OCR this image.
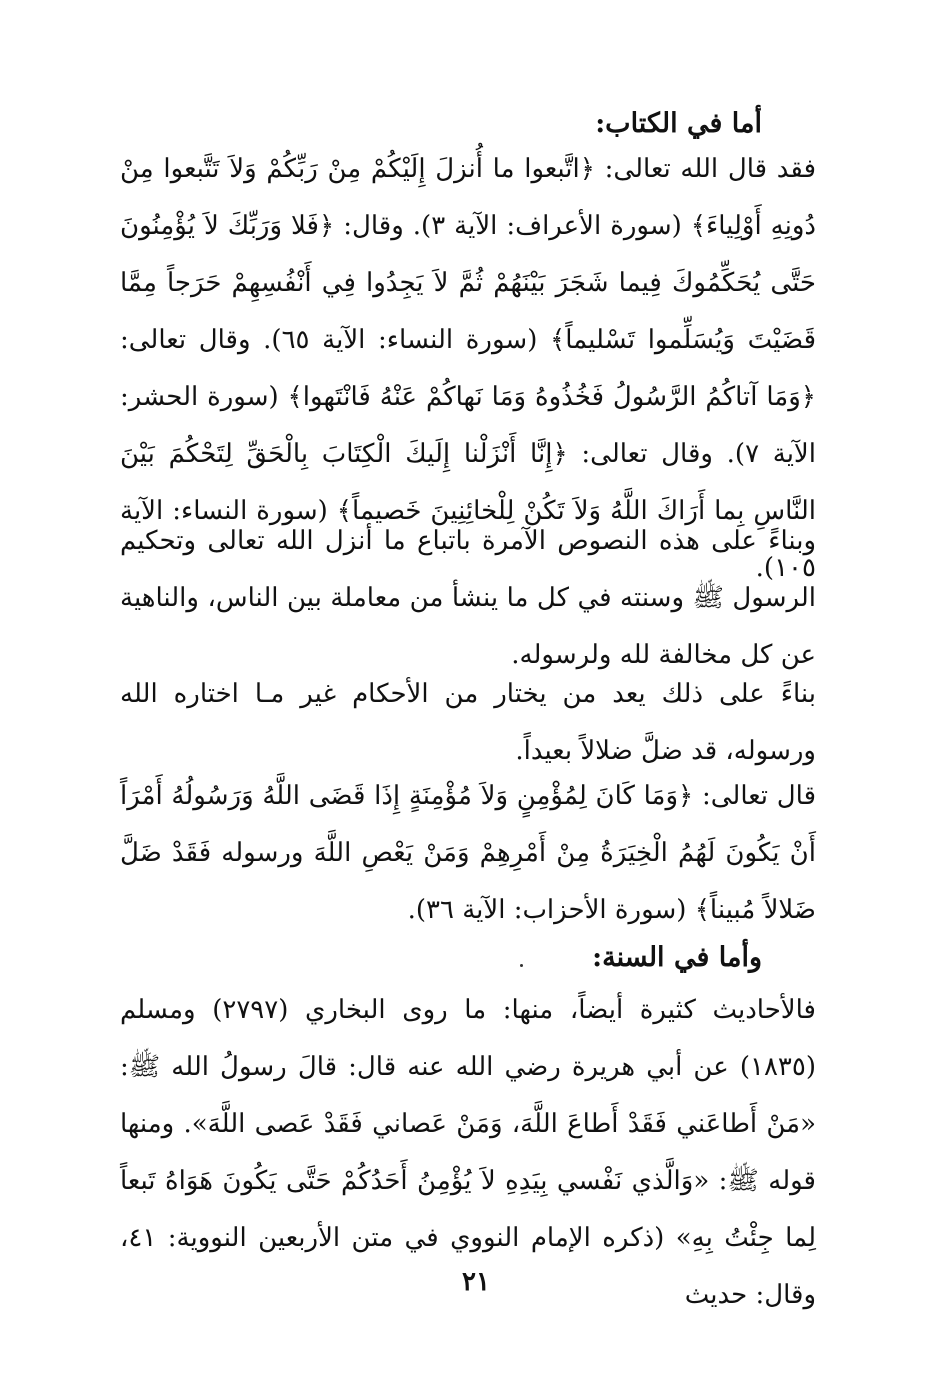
أما في الكتاب:

فقد قال الله تعالى: ﴿اتَّبعوا ما أُنزلَ إِلَيْكُمْ مِنْ رَبِّكُمْ وَلاَ تَتَّبعوا مِنْ دُونِهِ أَوْلِياءَ﴾ (سورة الأعراف: الآية ٣). وقال: ﴿فَلا وَرَبِّكَ لاَ يُؤْمِنُونَ حَتَّى يُحَكِّمُوكَ فِيما شَجَرَ بَيْنَهُمْ ثُمَّ لاَ يَجِدُوا فِي أَنْفُسِهِمْ حَرَجاً مِمَّا قَضَيْتَ وَيُسَلِّموا تَسْليماً﴾ (سورة النساء: الآية ٦٥). وقال تعالى: ﴿وَمَا آتاكُمُ الرَّسُولُ فَخُذُوهُ وَمَا نَهاكُمْ عَنْهُ فَانْتَهوا﴾ (سورة الحشر: الآية ٧). وقال تعالى: ﴿إِنَّا أَنْزَلْنا إِلَيكَ الْكِتَابَ بِالْحَقِّ لِتَحْكُمَ بَيْنَ النَّاسِ بِما أَرَاكَ اللَّهُ وَلاَ تَكُنْ لِلْخائِنِينَ خَصيماً﴾ (سورة النساء: الآية ١٠٥).

وبناءً على هذه النصوص الآمرة باتباع ما أنزل الله تعالى وتحكيم الرسول ﷺ وسنته في كل ما ينشأ من معاملة بين الناس، والناهية عن كل مخالفة لله ولرسوله.

بناءً على ذلك يعد من يختار من الأحكام غير مـا اختاره الله ورسوله، قد ضلَّ ضلالاً بعيداً.

قال تعالى: ﴿وَمَا كَانَ لِمُؤْمِنٍ وَلاَ مُؤْمِنَةٍ إِذَا قَضَى اللَّهُ وَرَسُولُهُ أَمْرَاً أَنْ يَكُونَ لَهُمُ الْخِيَرَةُ مِنْ أَمْرِهِمْ وَمَنْ يَعْصِ اللَّهَ ورسوله فَقَدْ ضَلَّ ضَلالاً مُبيناً﴾ (سورة الأحزاب: الآية ٣٦).

وأما في السنة:

فالأحاديث كثيرة أيضاً، منها: ما روى البخاري (٢٧٩٧) ومسلم (١٨٣٥) عن أبي هريرة رضي الله عنه قال: قالَ رسولُ الله ﷺ: «مَنْ أَطاعَني فَقَدْ أَطاعَ اللَّهَ، وَمَنْ عَصاني فَقَدْ عَصى اللَّهَ». ومنها قوله ﷺ: «وَالَّذي نَفْسي بِيَدِهِ لاَ يُؤْمِنُ أَحَدُكُمْ حَتَّى يَكُونَ هَوَاهُ تَبعاً لِما جِئْتُ بِهِ» (ذكره الإمام النووي في متن الأربعين النووية: ٤١، وقال: حديث

٢١
